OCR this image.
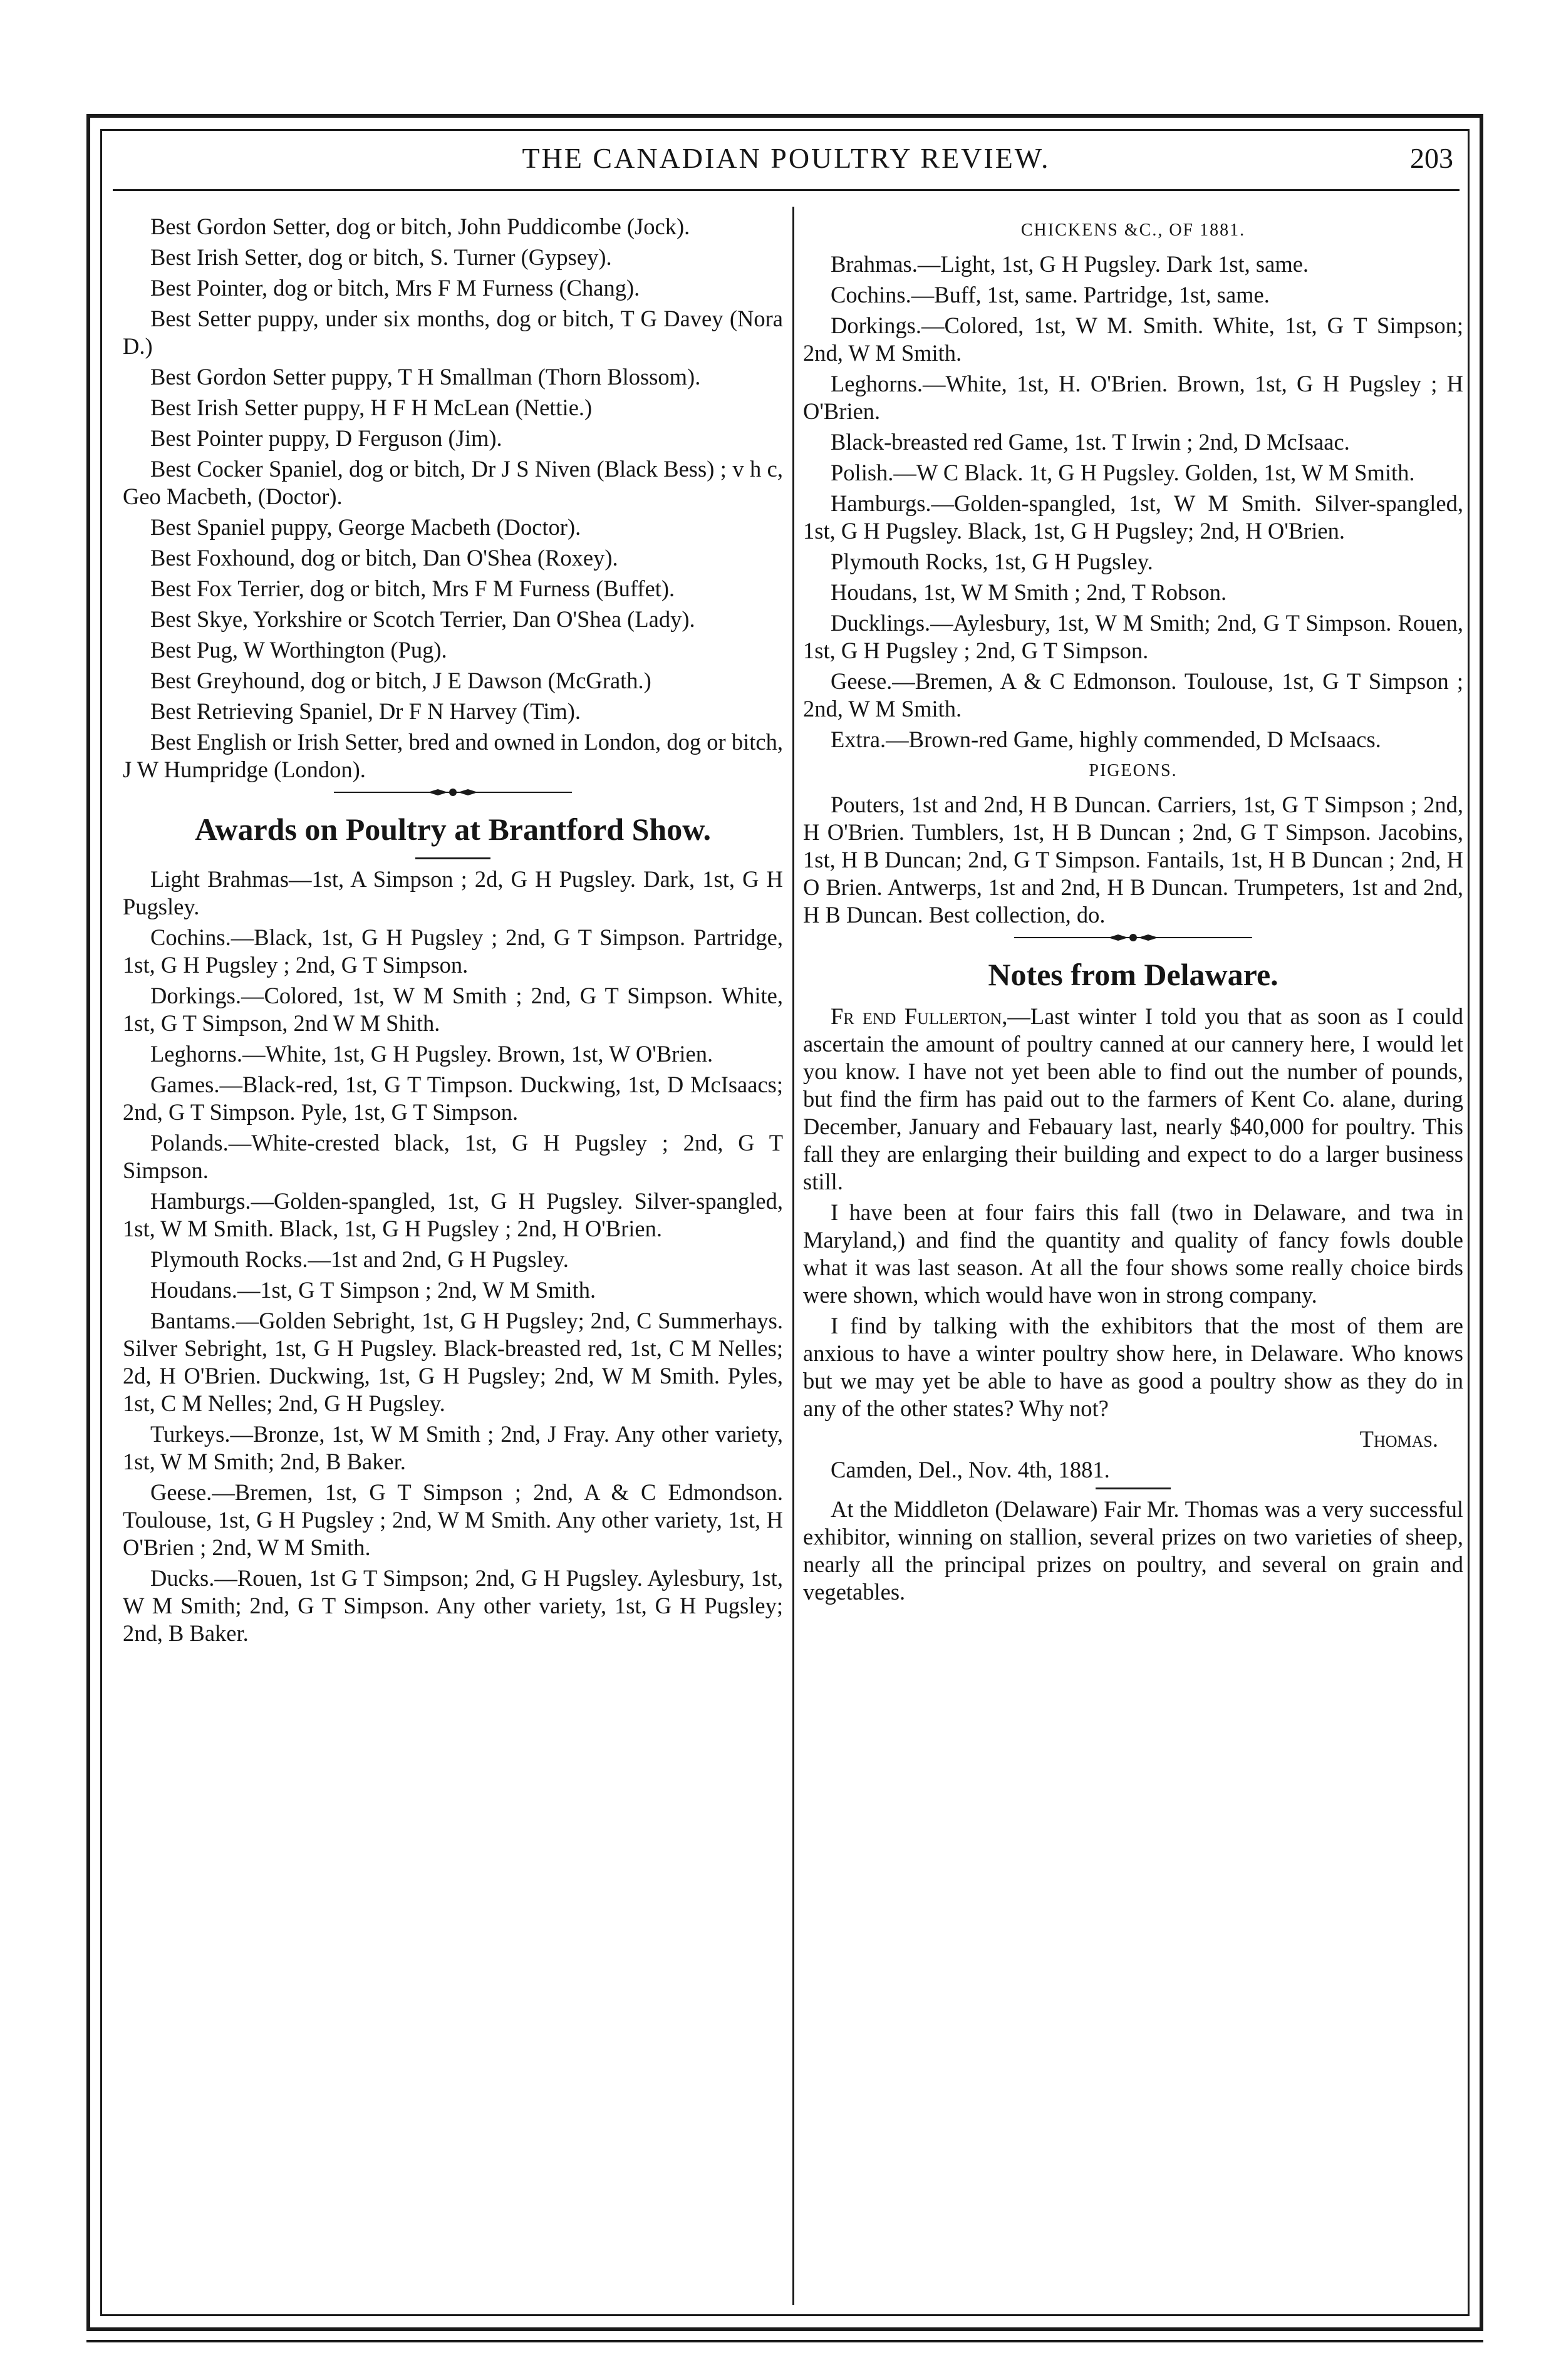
THE CANADIAN POULTRY REVIEW.	203

Best Gordon Setter, dog or bitch, John Puddicombe (Jock).

Best Irish Setter, dog or bitch, S. Turner (Gypsey).

Best Pointer, dog or bitch, Mrs F M Furness (Chang).

Best Setter puppy, under six months, dog or bitch, T G Davey (Nora D.)

Best Gordon Setter puppy, T H Smallman (Thorn Blossom).

Best Irish Setter puppy, H F H McLean (Nettie.)

Best Pointer puppy, D Ferguson (Jim).

Best Cocker Spaniel, dog or bitch, Dr J S Niven (Black Bess) ; v h c, Geo Macbeth, (Doctor).

Best Spaniel puppy, George Macbeth (Doctor).

Best Foxhound, dog or bitch, Dan O'Shea (Roxey).

Best Fox Terrier, dog or bitch, Mrs F M Furness (Buffet).

Best Skye, Yorkshire or Scotch Terrier, Dan O'Shea (Lady).

Best Pug, W Worthington (Pug).

Best Greyhound, dog or bitch, J E Dawson (McGrath.)

Best Retrieving Spaniel, Dr F N Harvey (Tim).

Best English or Irish Setter, bred and owned in London, dog or bitch, J W Humpridge (London).

Awards on Poultry at Brantford Show.

Light Brahmas—1st, A Simpson ; 2d, G H Pugsley. Dark, 1st, G H Pugsley.

Cochins.—Black, 1st, G H Pugsley ; 2nd, G T Simpson. Partridge, 1st, G H Pugsley ; 2nd, G T Simpson.

Dorkings.—Colored, 1st, W M Smith ; 2nd, G T Simpson. White, 1st, G T Simpson, 2nd W M Shith.

Leghorns.—White, 1st, G H Pugsley. Brown, 1st, W O'Brien.

Games.—Black-red, 1st, G T Timpson. Duckwing, 1st, D McIsaacs; 2nd, G T Simpson. Pyle, 1st, G T Simpson.

Polands.—White-crested black, 1st, G H Pugsley ; 2nd, G T Simpson.

Hamburgs.—Golden-spangled, 1st, G H Pugsley. Silver-spangled, 1st, W M Smith. Black, 1st, G H Pugsley ; 2nd, H O'Brien.

Plymouth Rocks.—1st and 2nd, G H Pugsley.

Houdans.—1st, G T Simpson ; 2nd, W M Smith.

Bantams.—Golden Sebright, 1st, G H Pugsley; 2nd, C Summerhays. Silver Sebright, 1st, G H Pugsley. Black-breasted red, 1st, C M Nelles; 2d, H O'Brien. Duckwing, 1st, G H Pugsley; 2nd, W M Smith. Pyles, 1st, C M Nelles; 2nd, G H Pugsley.

Turkeys.—Bronze, 1st, W M Smith ; 2nd, J Fray. Any other variety, 1st, W M Smith; 2nd, B Baker.

Geese.—Bremen, 1st, G T Simpson ; 2nd, A & C Edmondson. Toulouse, 1st, G H Pugsley ; 2nd, W M Smith. Any other variety, 1st, H O'Brien ; 2nd, W M Smith.

Ducks.—Rouen, 1st G T Simpson; 2nd, G H Pugsley. Aylesbury, 1st, W M Smith; 2nd, G T Simpson. Any other variety, 1st, G H Pugsley; 2nd, B Baker.

CHICKENS &C., OF 1881.

Brahmas.—Light, 1st, G H Pugsley. Dark 1st, same.

Cochins.—Buff, 1st, same. Partridge, 1st, same.

Dorkings.—Colored, 1st, W M. Smith. White, 1st, G T Simpson; 2nd, W M Smith.

Leghorns.—White, 1st, H. O'Brien. Brown, 1st, G H Pugsley ; H O'Brien.

Black-breasted red Game, 1st. T Irwin ; 2nd, D McIsaac.

Polish.—W C Black. 1t, G H Pugsley. Golden, 1st, W M Smith.

Hamburgs.—Golden-spangled, 1st, W M Smith. Silver-spangled, 1st, G H Pugsley. Black, 1st, G H Pugsley; 2nd, H O'Brien.

Plymouth Rocks, 1st, G H Pugsley.

Houdans, 1st, W M Smith ; 2nd, T Robson.

Ducklings.—Aylesbury, 1st, W M Smith; 2nd, G T Simpson. Rouen, 1st, G H Pugsley ; 2nd, G T Simpson.

Geese.—Bremen, A & C Edmonson. Toulouse, 1st, G T Simpson ; 2nd, W M Smith.

Extra.—Brown-red Game, highly commended, D McIsaacs.

PIGEONS.

Pouters, 1st and 2nd, H B Duncan. Carriers, 1st, G T Simpson ; 2nd, H O'Brien. Tumblers, 1st, H B Duncan ; 2nd, G T Simpson. Jacobins, 1st, H B Duncan; 2nd, G T Simpson. Fantails, 1st, H B Duncan ; 2nd, H O Brien. Antwerps, 1st and 2nd, H B Duncan. Trumpeters, 1st and 2nd, H B Duncan. Best collection, do.

Notes from Delaware.

Fr end Fullerton,—Last winter I told you that as soon as I could ascertain the amount of poultry canned at our cannery here, I would let you know. I have not yet been able to find out the number of pounds, but find the firm has paid out to the farmers of Kent Co. alane, during December, January and Febauary last, nearly $40,000 for poultry. This fall they are enlarging their building and expect to do a larger business still.

I have been at four fairs this fall (two in Delaware, and twa in Maryland,) and find the quantity and quality of fancy fowls double what it was last season. At all the four shows some really choice birds were shown, which would have won in strong company.

I find by talking with the exhibitors that the most of them are anxious to have a winter poultry show here, in Delaware. Who knows but we may yet be able to have as good a poultry show as they do in any of the other states? Why not?

Thomas.

Camden, Del., Nov. 4th, 1881.

At the Middleton (Delaware) Fair Mr. Thomas was a very successful exhibitor, winning on stallion, several prizes on two varieties of sheep, nearly all the principal prizes on poultry, and several on grain and vegetables.
